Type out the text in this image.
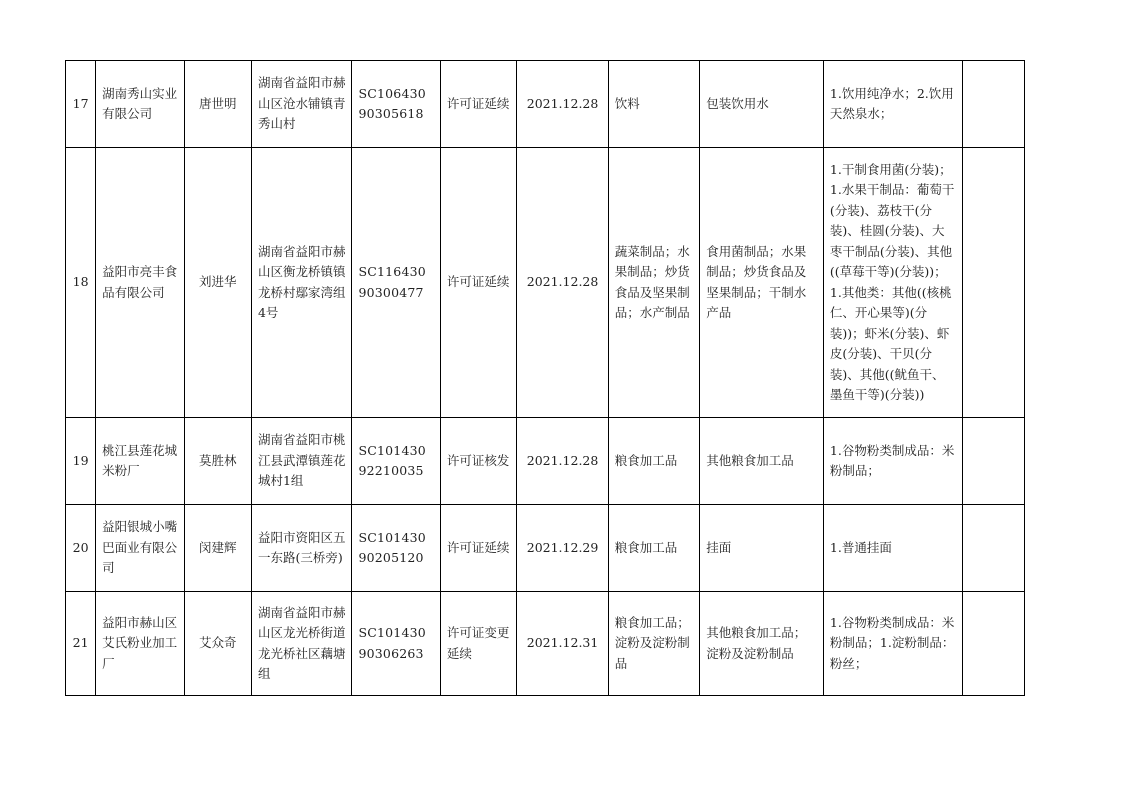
17	湖南秀山实业有限公司	唐世明	湖南省益阳市赫山区沧水铺镇青秀山村	SC10643090305618	许可证延续	2021.12.28	饮料	包装饮用水	1.饮用纯净水；2.饮用天然泉水；	
18	益阳市亮丰食品有限公司	刘进华	湖南省益阳市赫山区衡龙桥镇镇龙桥村鄢家湾组4号	SC11643090300477	许可证延续	2021.12.28	蔬菜制品；水果制品；炒货食品及坚果制品；水产制品	食用菌制品；水果制品；炒货食品及坚果制品；干制水产品	1.干制食用菌(分装)；1.水果干制品：葡萄干(分装)、荔枝干(分装)、桂圆(分装)、大枣干制品(分装)、其他((草莓干等)(分装))；1.其他类：其他((核桃仁、开心果等)(分装))；虾米(分装)、虾皮(分装)、干贝(分装)、其他((鱿鱼干、墨鱼干等)(分装))	
19	桃江县莲花城米粉厂	莫胜林	湖南省益阳市桃江县武潭镇莲花城村1组	SC10143092210035	许可证核发	2021.12.28	粮食加工品	其他粮食加工品	1.谷物粉类制成品：米粉制品；	
20	益阳银城小嘴巴面业有限公司	闵建辉	益阳市资阳区五一东路(三桥旁)	SC10143090205120	许可证延续	2021.12.29	粮食加工品	挂面	1.普通挂面	
21	益阳市赫山区艾氏粉业加工厂	艾众奇	湖南省益阳市赫山区龙光桥街道龙光桥社区藕塘组	SC10143090306263	许可证变更延续	2021.12.31	粮食加工品；淀粉及淀粉制品	其他粮食加工品；淀粉及淀粉制品	1.谷物粉类制成品：米粉制品；1.淀粉制品：粉丝；	
